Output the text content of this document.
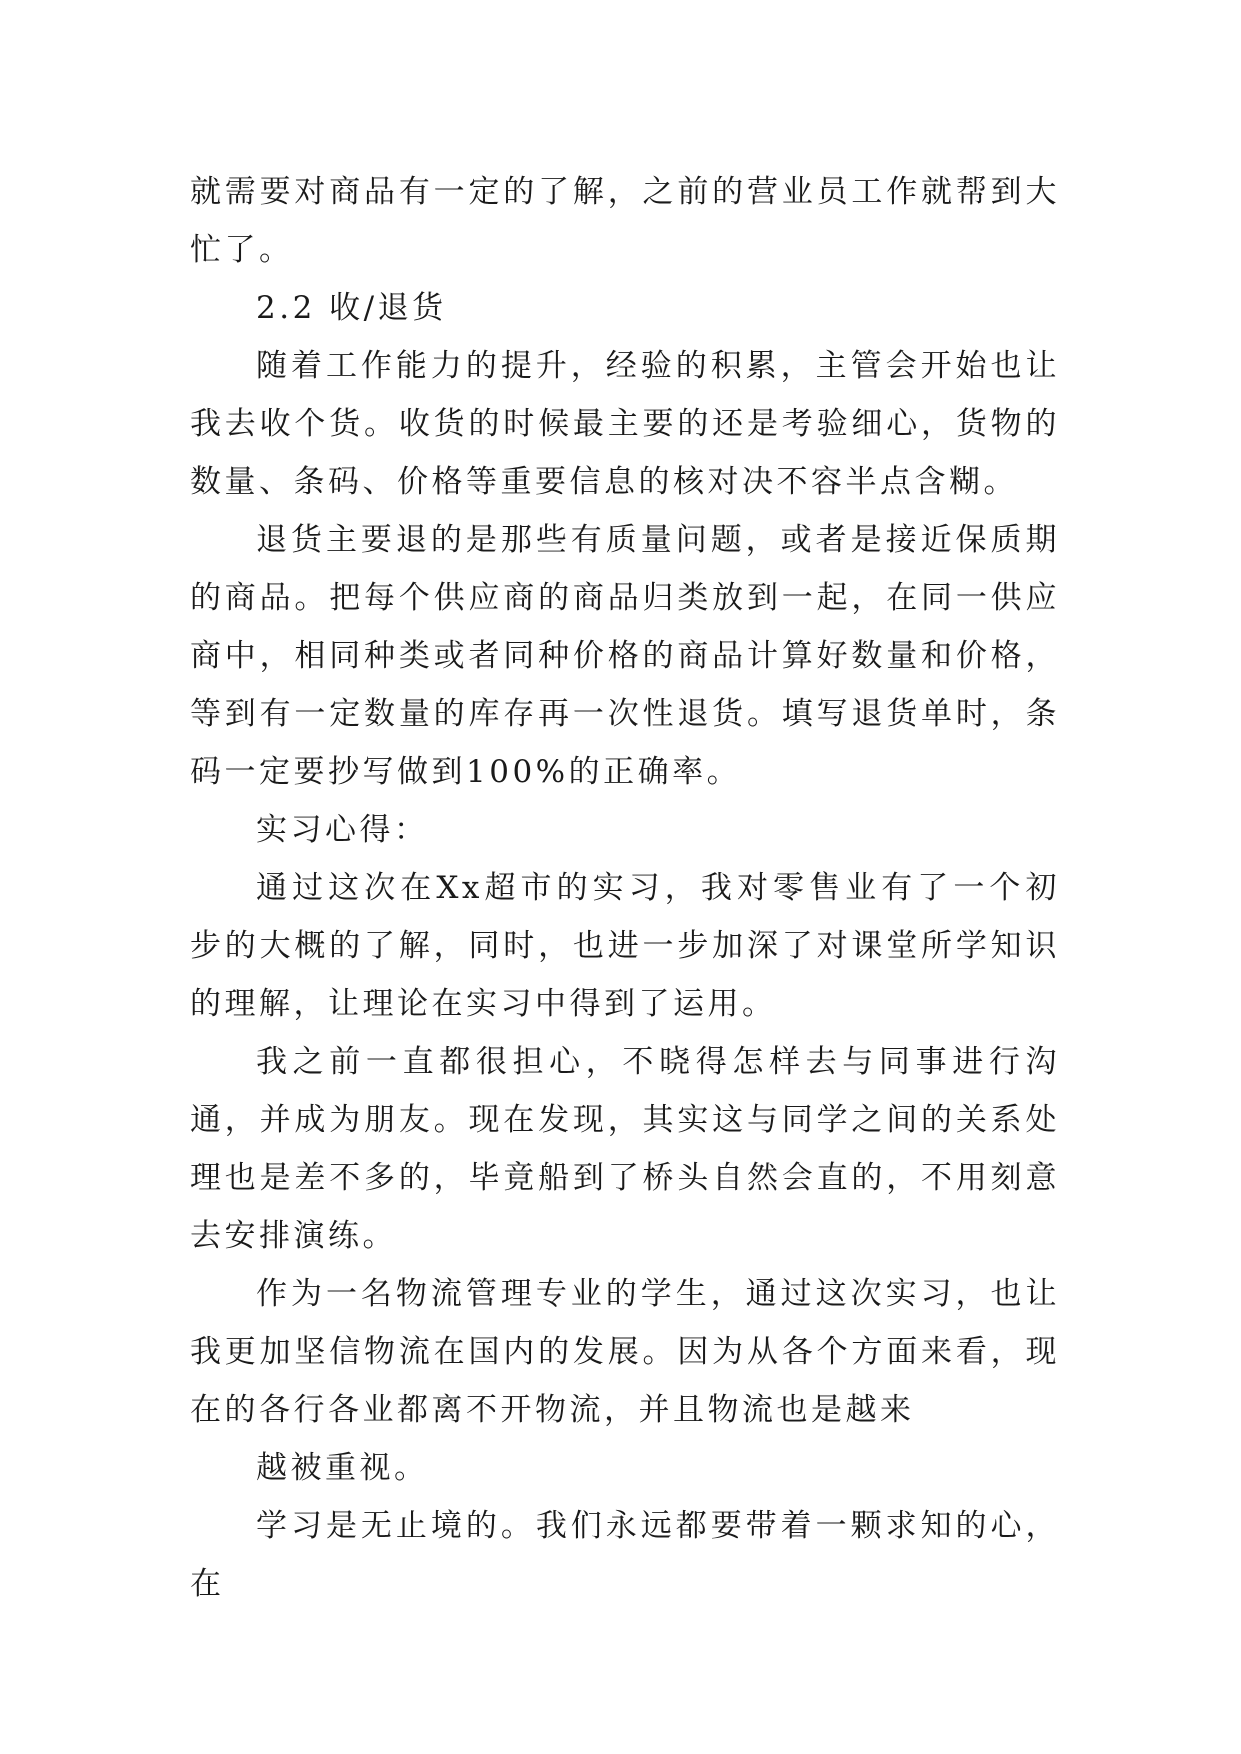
就需要对商品有一定的了解，之前的营业员工作就帮到大忙了。

2.2 收/退货

随着工作能力的提升，经验的积累，主管会开始也让我去收个货。收货的时候最主要的还是考验细心，货物的数量、条码、价格等重要信息的核对决不容半点含糊。

退货主要退的是那些有质量问题，或者是接近保质期的商品。把每个供应商的商品归类放到一起，在同一供应商中，相同种类或者同种价格的商品计算好数量和价格，等到有一定数量的库存再一次性退货。填写退货单时，条码一定要抄写做到100%的正确率。

实习心得：

通过这次在Xx超市的实习，我对零售业有了一个初步的大概的了解，同时，也进一步加深了对课堂所学知识的理解，让理论在实习中得到了运用。

我之前一直都很担心，不晓得怎样去与同事进行沟通，并成为朋友。现在发现，其实这与同学之间的关系处理也是差不多的，毕竟船到了桥头自然会直的，不用刻意去安排演练。

作为一名物流管理专业的学生，通过这次实习，也让我更加坚信物流在国内的发展。因为从各个方面来看，现在的各行各业都离不开物流，并且物流也是越来

越被重视。

学习是无止境的。我们永远都要带着一颗求知的心，在
